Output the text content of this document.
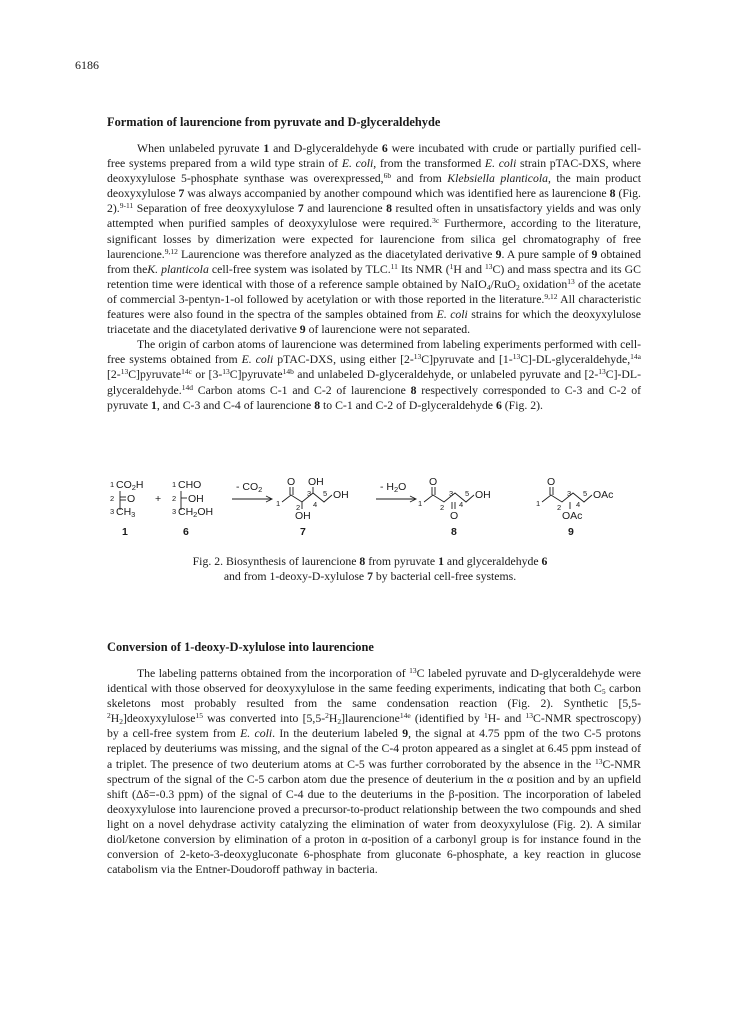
6186
Formation of laurencione from pyruvate and D-glyceraldehyde

When unlabeled pyruvate 1 and D-glyceraldehyde 6 were incubated with crude or partially purified cell-free systems prepared from a wild type strain of E. coli, from the transformed E. coli strain pTAC-DXS, where deoxyxylulose 5-phosphate synthase was overexpressed,$^{6b}$ and from Klebsiella planticola, the main product deoxyxylulose 7 was always accompanied by another compound which was identified here as laurencione 8 (Fig. 2).$^{9-11}$ Separation of free deoxyxylulose 7 and laurencione 8 resulted often in unsatisfactory yields and was only attempted when purified samples of deoxyxylulose were required.$^{3c}$ Furthermore, according to the literature, significant losses by dimerization were expected for laurencione from silica gel chromatography of free laurencione.$^{9,12}$ Laurencione was therefore analyzed as the diacetylated derivative 9. A pure sample of 9 obtained from theK. planticola cell-free system was isolated by TLC.$^{11}$ Its NMR ($^1$H and $^{13}$C) and mass spectra and its GC retention time were identical with those of a reference sample obtained by NaIO$_4$/RuO$_2$ oxidation$^{13}$ of the acetate of commercial 3-pentyn-1-ol followed by acetylation or with those reported in the literature.$^{9,12}$ All characteristic features were also found in the spectra of the samples obtained from E. coli strains for which the deoxyxylulose triacetate and the diacetylated derivative 9 of laurencione were not separated.

The origin of carbon atoms of laurencione was determined from labeling experiments performed with cell-free systems obtained from E. coli pTAC-DXS, using either [2-$^{13}$C]pyruvate and [1-$^{13}$C]-DL-glyceraldehyde,$^{14a}$ [2-$^{13}$C]pyruvate$^{14c}$ or [3-$^{13}$C]pyruvate$^{14b}$ and unlabeled D-glyceraldehyde, or unlabeled pyruvate and [2-$^{13}$C]-DL-glyceraldehyde.$^{14d}$ Carbon atoms C-1 and C-2 of laurencione 8 respectively corresponded to C-3 and C-2 of pyruvate 1, and C-3 and C-4 of laurencione 8 to C-1 and C-2 of D-glyceraldehyde 6 (Fig. 2).

1 CO2H
2 O
3 CH3
1
+
1 CHO
2 OH
3 CH2OH
6
- CO2
O OH
1 2
3
4
5 OH
OH
7
- H2O O
1 2
3
4
5 OH
O
8
O
1 2
3
4
5 OAc
OAc
9
Fig. 2. Biosynthesis of laurencione 8 from pyruvate 1 and glyceraldehyde 6
and from 1-deoxy-D-xylulose 7 by bacterial cell-free systems.
Conversion of 1-deoxy-D-xylulose into laurencione

The labeling patterns obtained from the incorporation of $^{13}$C labeled pyruvate and D-glyceraldehyde were identical with those observed for deoxyxylulose in the same feeding experiments, indicating that both $C_5$ carbon skeletons most probably resulted from the same condensation reaction (Fig. 2). Synthetic $[5,5-^2H_2]deoxyxylulose^{15}$ was converted into $[5,5-^2H_2]laurencione^{14e}$ (identified by $^1$H- and $^{13}$C-NMR spectroscopy) by a cell-free system from E. coli. In the deuterium labeled 9, the signal at 4.75 ppm of the two C-5 protons replaced by deuteriums was missing, and the signal of the C-4 proton appeared as a singlet at 6.45 ppm instead of a triplet. The presence of two deuterium atoms at C-5 was further corroborated by the absence in the $^{13}$C-NMR spectrum of the signal of the C-5 carbon atom due the presence of deuterium in the α position and by an upfield shift (Δδ=-0.3 ppm) of the signal of C-4 due to the deuteriums in the β-position. The incorporation of labeled deoxyxylulose into laurencione proved a precursor-to-product relationship between the two compounds and shed light on a novel dehydrase activity catalyzing the elimination of water from deoxyxylulose (Fig. 2). A similar diol/ketone conversion by elimination of a proton in α-position of a carbonyl group is for instance found in the conversion of 2-keto-3-deoxygluconate 6-phosphate from gluconate 6-phosphate, a key reaction in glucose catabolism via the Entner-Doudoroff pathway in bacteria.
